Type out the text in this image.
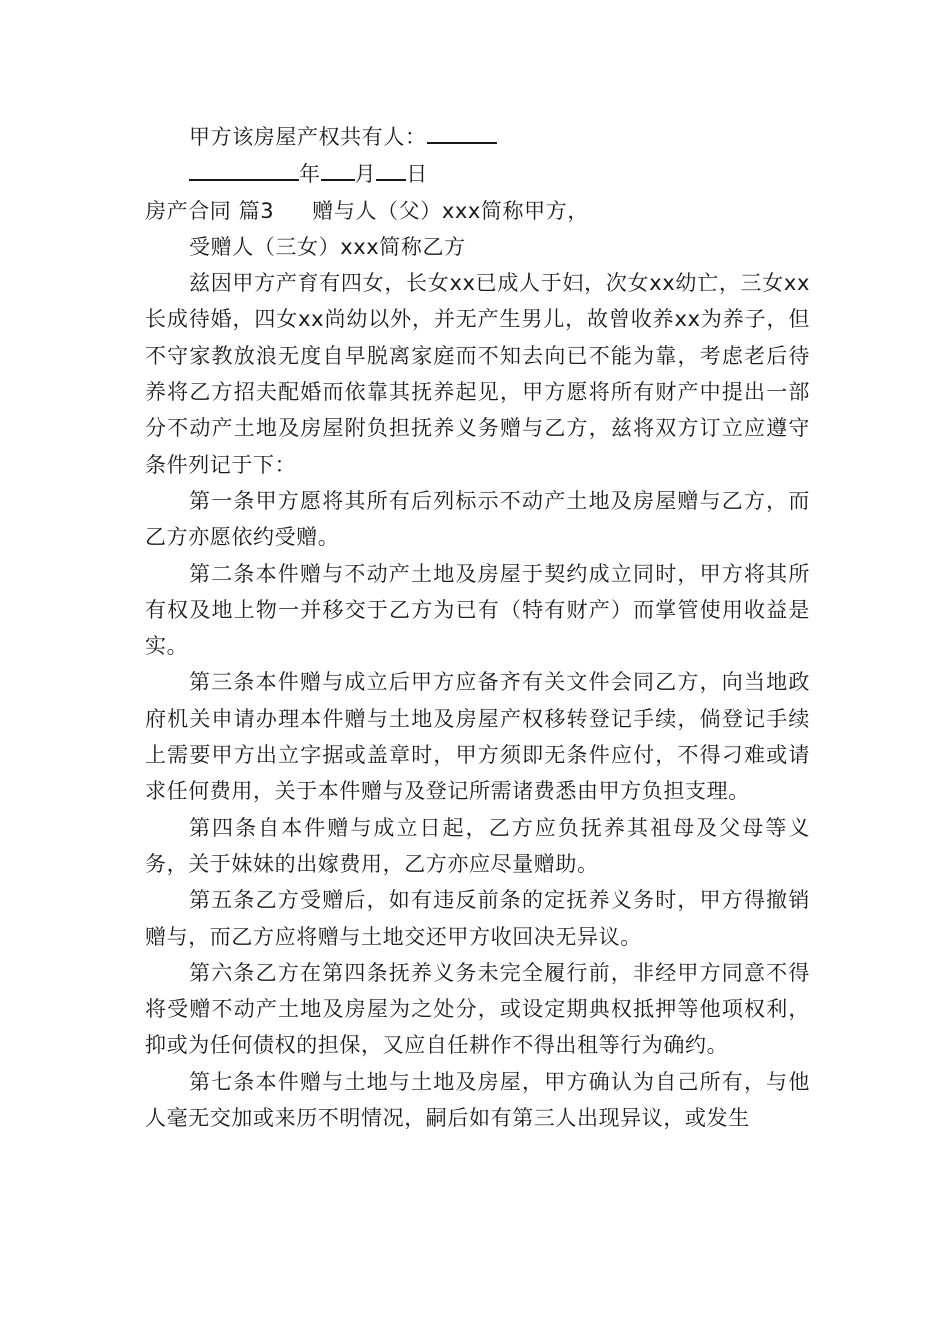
甲方该房屋产权共有人：

年 月 日

房产合同 篇3 赠与人（父）xxx简称甲方，

受赠人（三女）xxx简称乙方

兹因甲方产育有四女，长女xx已成人于妇，次女xx幼亡，三女xx长成待婚，四女xx尚幼以外，并无产生男儿，故曾收养xx为养子，但不守家教放浪无度自早脱离家庭而不知去向已不能为靠，考虑老后待养将乙方招夫配婚而依靠其抚养起见，甲方愿将所有财产中提出一部分不动产土地及房屋附负担抚养义务赠与乙方，兹将双方订立应遵守条件列记于下：

第一条甲方愿将其所有后列标示不动产土地及房屋赠与乙方，而乙方亦愿依约受赠。

第二条本件赠与不动产土地及房屋于契约成立同时，甲方将其所有权及地上物一并移交于乙方为已有（特有财产）而掌管使用收益是实。

第三条本件赠与成立后甲方应备齐有关文件会同乙方，向当地政府机关申请办理本件赠与土地及房屋产权移转登记手续，倘登记手续上需要甲方出立字据或盖章时，甲方须即无条件应付，不得刁难或请求任何费用，关于本件赠与及登记所需诸费悉由甲方负担支理。

第四条自本件赠与成立日起，乙方应负抚养其祖母及父母等义务，关于妹妹的出嫁费用，乙方亦应尽量赠助。

第五条乙方受赠后，如有违反前条的定抚养义务时，甲方得撤销赠与，而乙方应将赠与土地交还甲方收回决无异议。

第六条乙方在第四条抚养义务未完全履行前，非经甲方同意不得将受赠不动产土地及房屋为之处分，或设定期典权抵押等他项权利，抑或为任何债权的担保，又应自任耕作不得出租等行为确约。

第七条本件赠与土地与土地及房屋，甲方确认为自己所有，与他人毫无交加或来历不明情况，嗣后如有第三人出现异议，或发生
